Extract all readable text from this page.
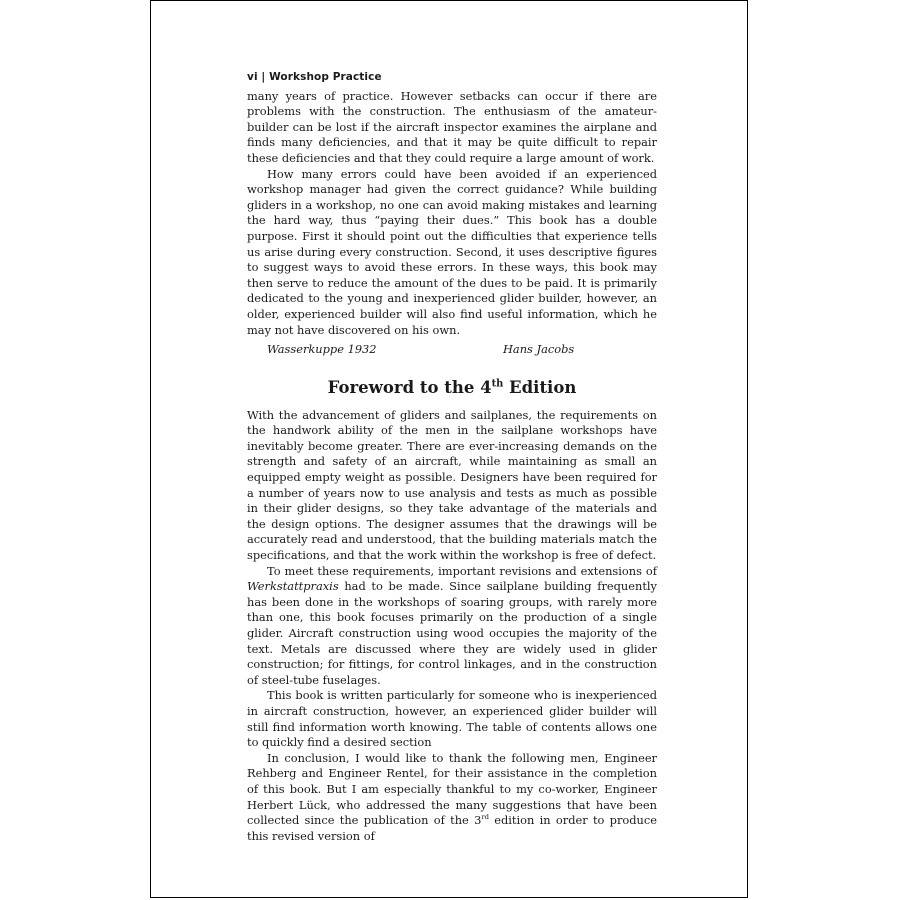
vi | Workshop Practice

many years of practice. However setbacks can occur if there are problems with the construction. The enthusiasm of the amateur-builder can be lost if the aircraft inspector examines the airplane and finds many deficiencies, and that it may be quite difficult to repair these deficiencies and that they could require a large amount of work.

How many errors could have been avoided if an experienced workshop manager had given the correct guidance? While building gliders in a workshop, no one can avoid making mistakes and learning the hard way, thus “paying their dues.” This book has a double purpose. First it should point out the difficulties that experience tells us arise during every construction. Second, it uses descriptive figures to suggest ways to avoid these errors. In these ways, this book may then serve to reduce the amount of the dues to be paid. It is primarily dedicated to the young and inexperienced glider builder, however, an older, experienced builder will also find useful information, which he may not have discovered on his own.

Wasserkuppe 1932	Hans Jacobs
Foreword to the 4th Edition

With the advancement of gliders and sailplanes, the requirements on the handwork ability of the men in the sailplane workshops have inevitably become greater. There are ever-increasing demands on the strength and safety of an aircraft, while maintaining as small an equipped empty weight as possible. Designers have been required for a number of years now to use analysis and tests as much as possible in their glider designs, so they take advantage of the materials and the design options. The designer assumes that the drawings will be accurately read and understood, that the building materials match the specifications, and that the work within the workshop is free of defect.

To meet these requirements, important revisions and extensions of Werkstattpraxis had to be made. Since sailplane building frequently has been done in the workshops of soaring groups, with rarely more than one, this book focuses primarily on the production of a single glider. Aircraft construction using wood occupies the majority of the text. Metals are discussed where they are widely used in glider construction; for fittings, for control linkages, and in the construction of steel-tube fuselages.

This book is written particularly for someone who is inexperienced in aircraft construction, however, an experienced glider builder will still find information worth knowing. The table of contents allows one to quickly find a desired section

In conclusion, I would like to thank the following men, Engineer Rehberg and Engineer Rentel, for their assistance in the completion of this book. But I am especially thankful to my co-worker, Engineer Herbert Lück, who addressed the many suggestions that have been collected since the publication of the 3rd edition in order to produce this revised version of
